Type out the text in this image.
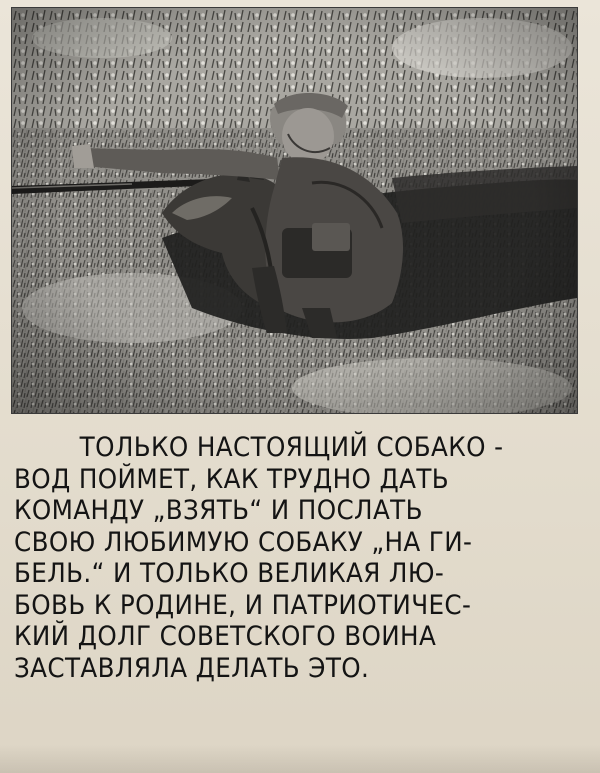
ТОЛЬКО НАСТОЯЩИЙ СОБАКО -
ВОД ПОЙМЕТ, КАК ТРУДНО ДАТЬ
КОМАНДУ „ВЗЯТЬ“ И ПОСЛАТЬ
СВОЮ ЛЮБИМУЮ СОБАКУ „НА ГИ-
БЕЛЬ.“ И ТОЛЬКО ВЕЛИКАЯ ЛЮ-
БОВЬ К РОДИНЕ, И ПАТРИОТИЧЕС-
КИЙ ДОЛГ СОВЕТСКОГО ВОИНА
ЗАСТАВЛЯЛА ДЕЛАТЬ ЭТО.
